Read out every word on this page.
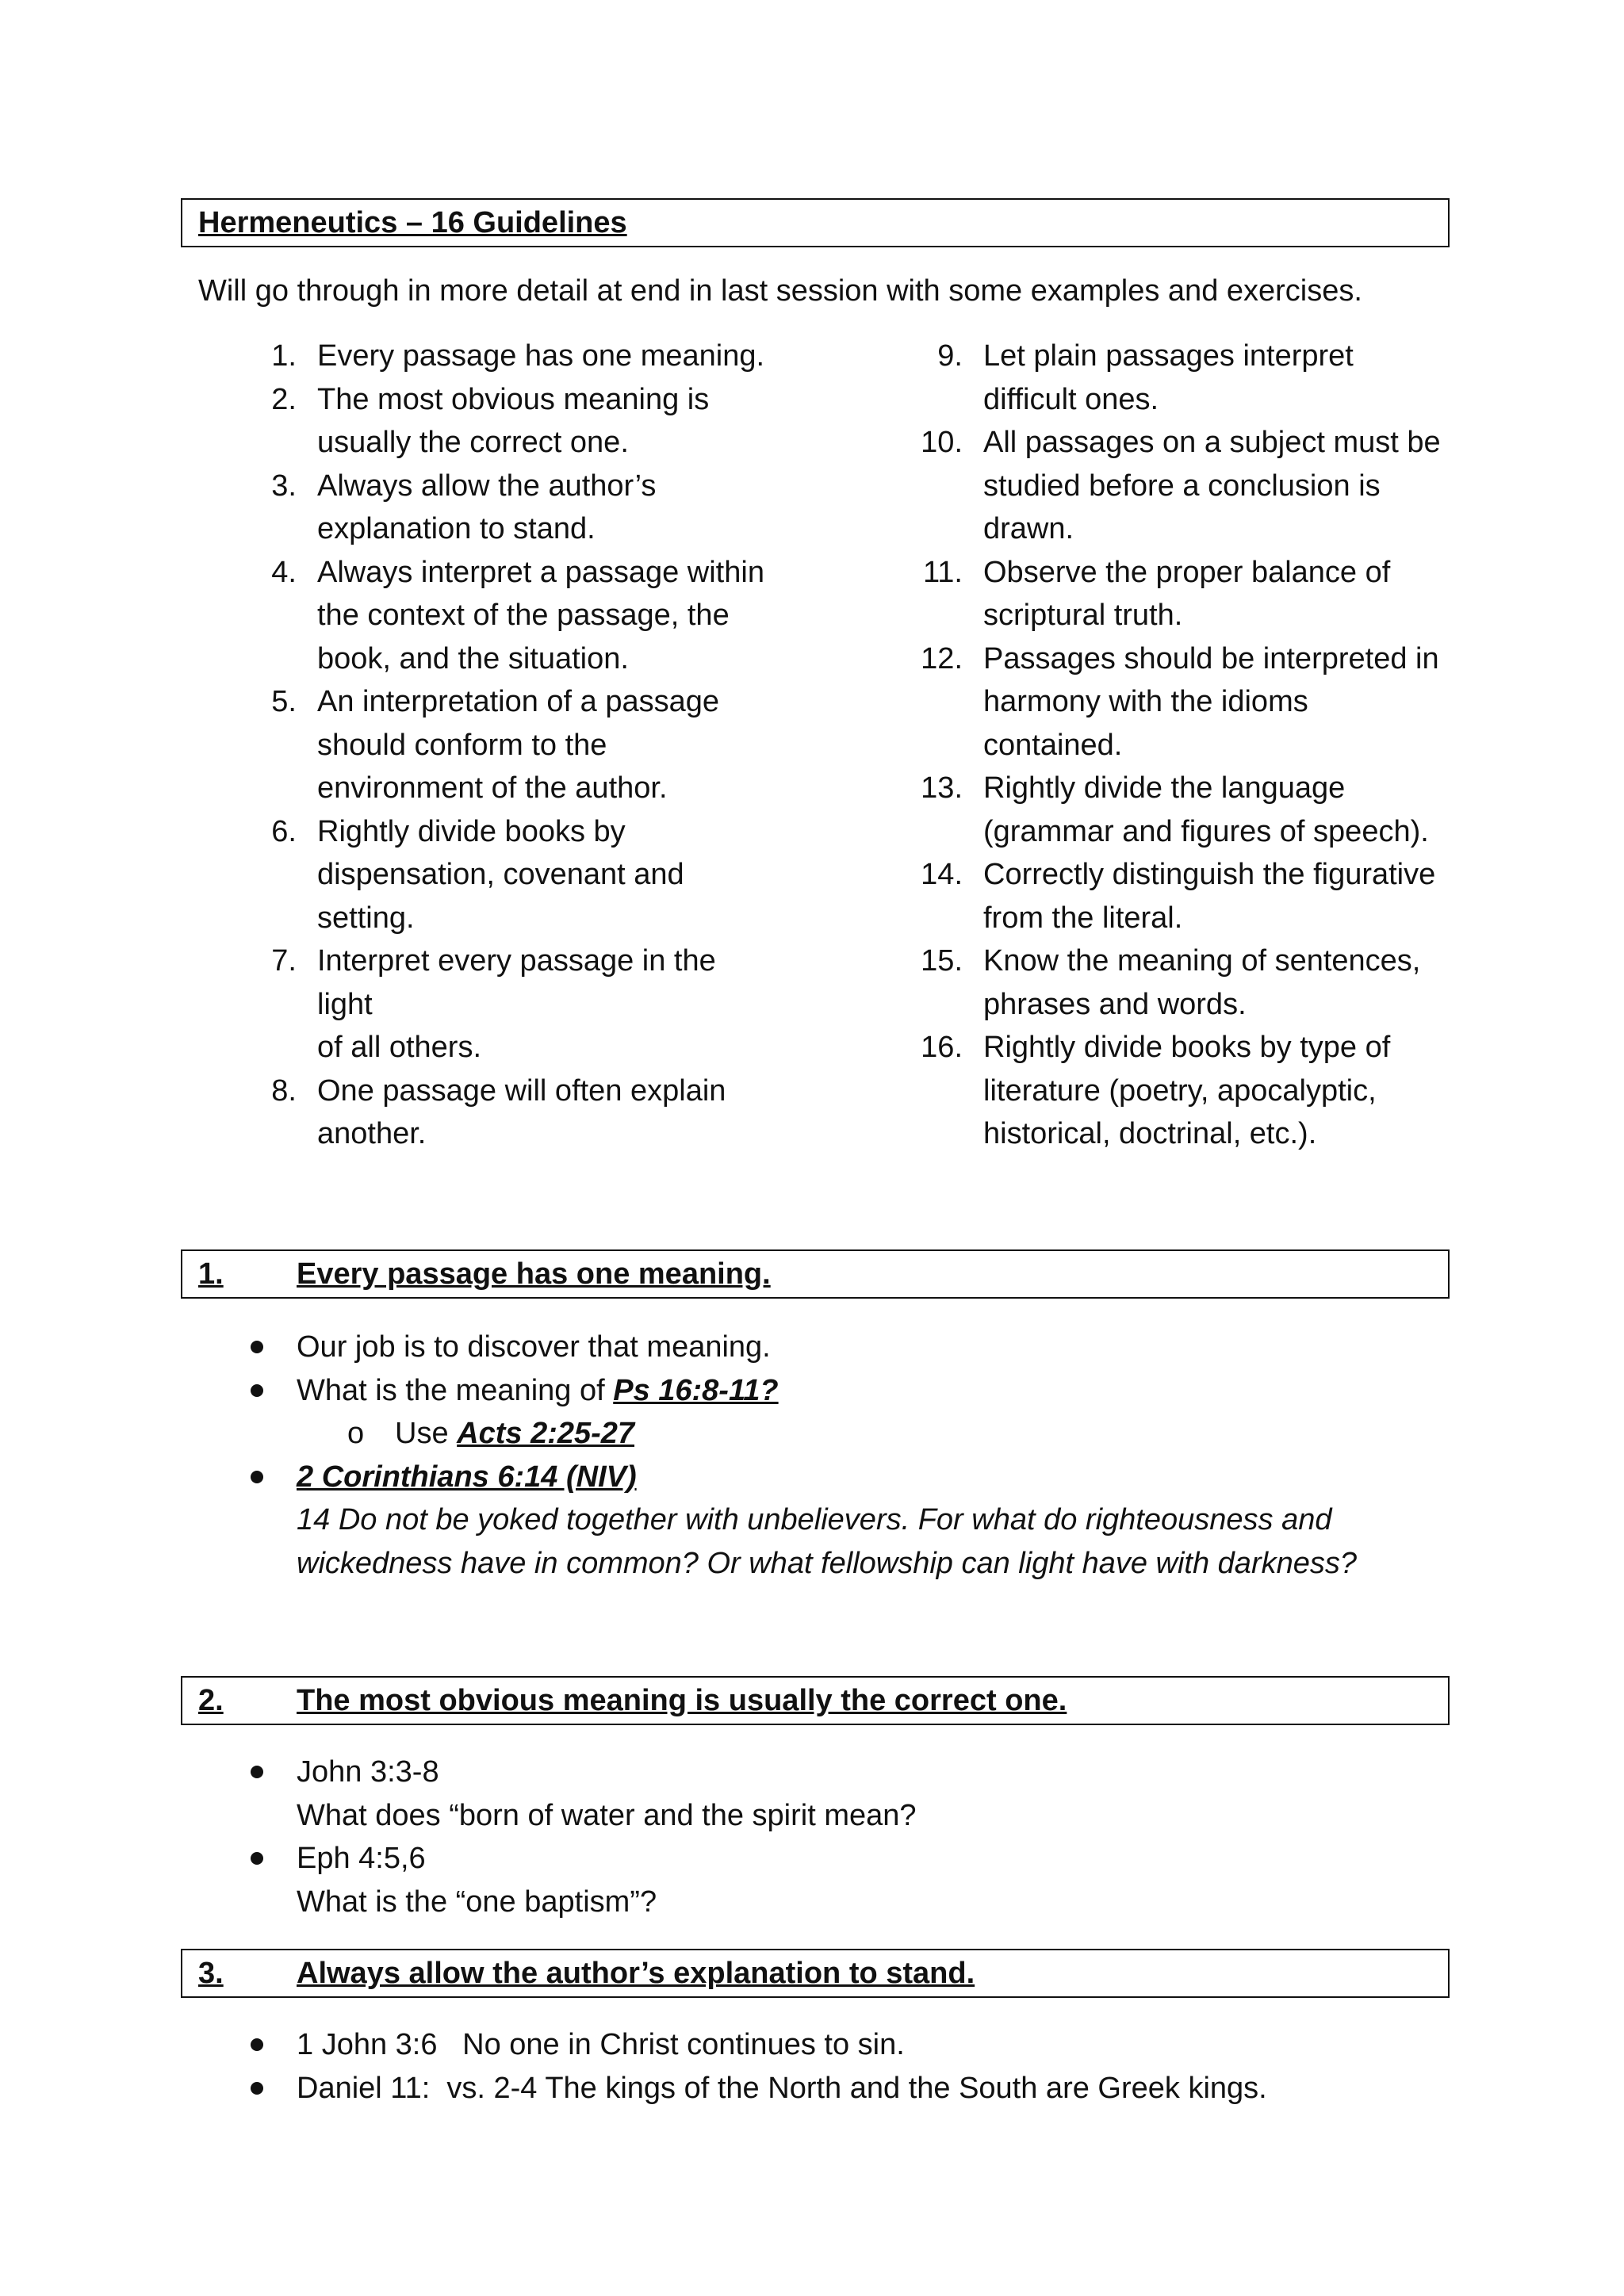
Hermeneutics – 16 Guidelines
Will go through in more detail at end in last session with some examples and exercises.
1. Every passage has one meaning.
2. The most obvious meaning is
usually the correct one.
3. Always allow the author’s
explanation to stand.
4. Always interpret a passage within
the context of the passage, the
book, and the situation.
5. An interpretation of a passage
should conform to the
environment of the author.
6. Rightly divide books by
dispensation, covenant and
setting.
7. Interpret every passage in the light
of all others.
8. One passage will often explain
another.
9. Let plain passages interpret
difficult ones.
10. All passages on a subject must be
studied before a conclusion is
drawn.
11. Observe the proper balance of
scriptural truth.
12. Passages should be interpreted in
harmony with the idioms
contained.
13. Rightly divide the language
(grammar and figures of speech).
14. Correctly distinguish the figurative
from the literal.
15. Know the meaning of sentences,
phrases and words.
16. Rightly divide books by type of
literature (poetry, apocalyptic,
historical, doctrinal, etc.).
1. Every passage has one meaning.
Our job is to discover that meaning.
What is the meaning of Ps 16:8-11?
o Use Acts 2:25-27
2 Corinthians 6:14 (NIV)
14 Do not be yoked together with unbelievers. For what do righteousness and
wickedness have in common? Or what fellowship can light have with darkness?
2. The most obvious meaning is usually the correct one.
John 3:3-8
What does “born of water and the spirit mean?
Eph 4:5,6
What is the “one baptism”?
3. Always allow the author’s explanation to stand.
1 John 3:6   No one in Christ continues to sin.
Daniel 11:  vs. 2-4 The kings of the North and the South are Greek kings.
